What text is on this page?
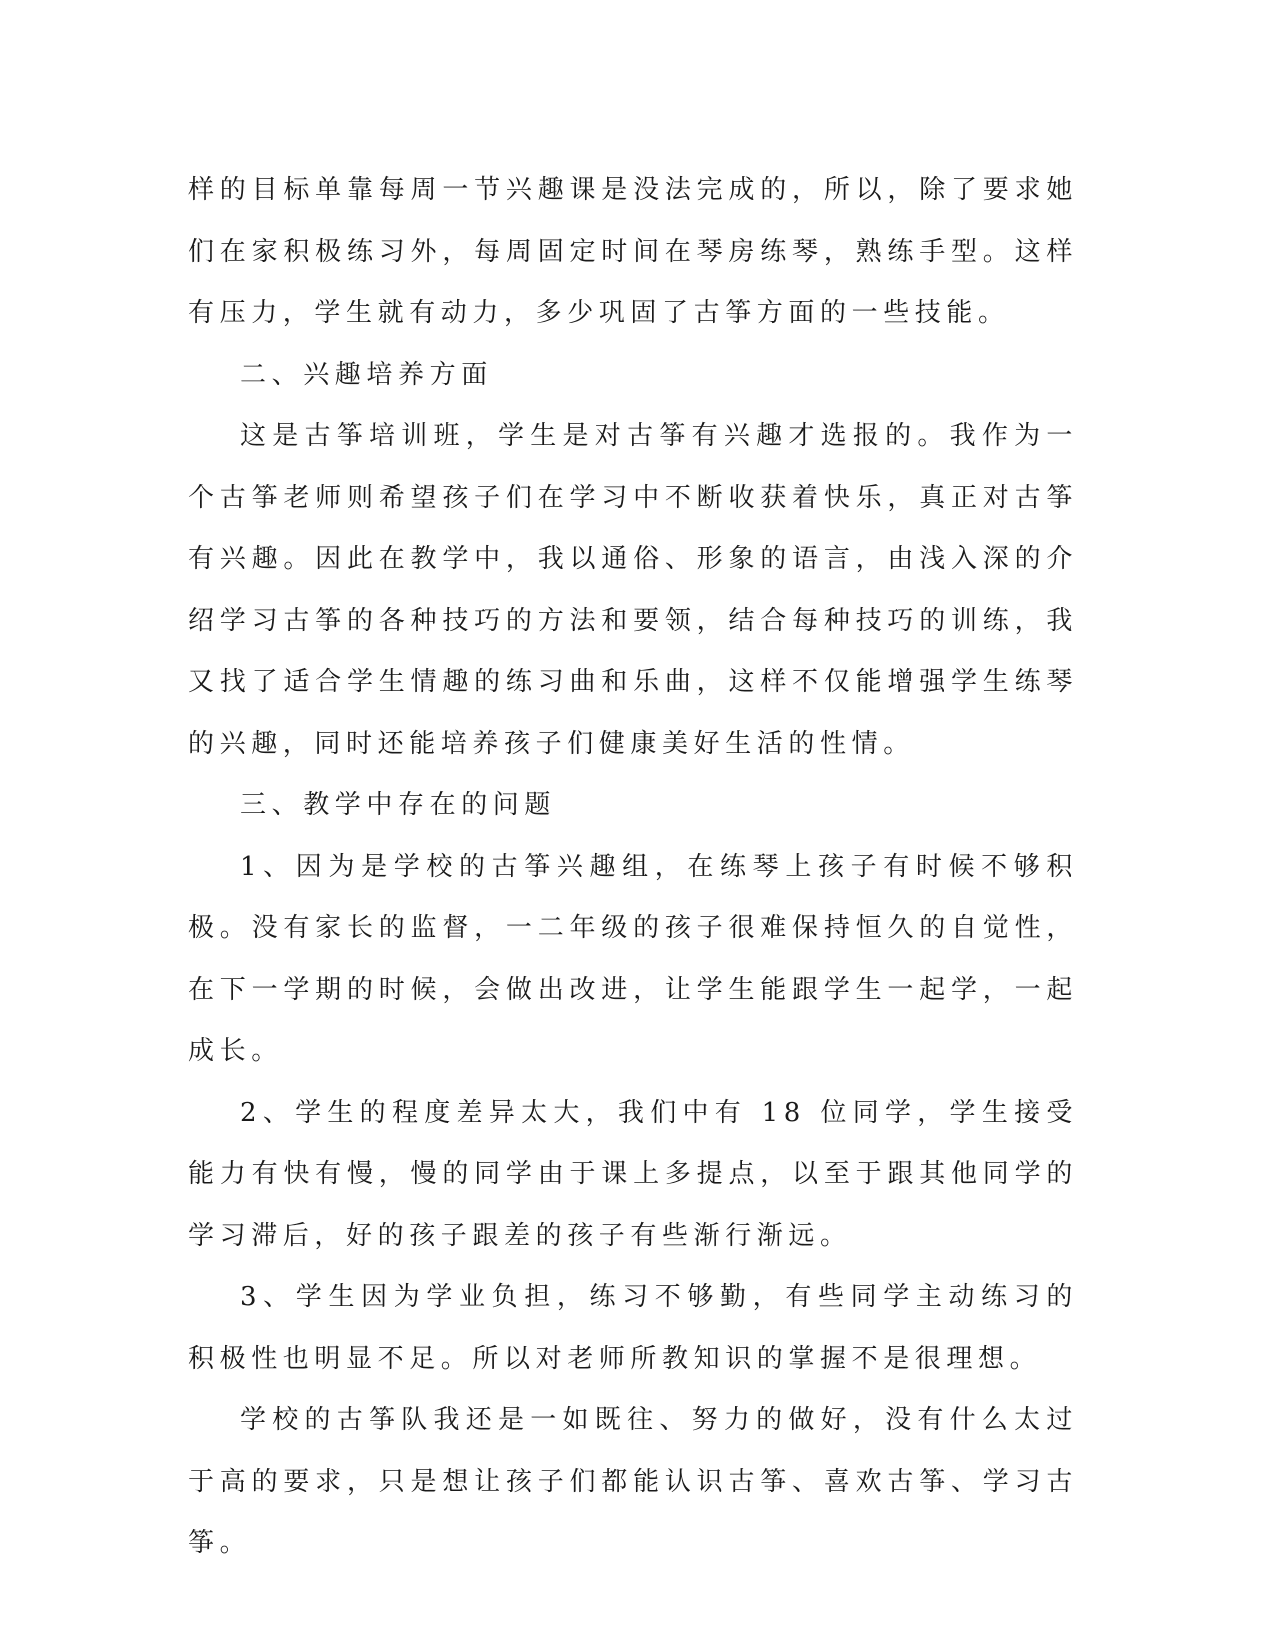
样的目标单靠每周一节兴趣课是没法完成的，所以，除了要求她们在家积极练习外，每周固定时间在琴房练琴，熟练手型。这样有压力，学生就有动力，多少巩固了古筝方面的一些技能。

二、兴趣培养方面

这是古筝培训班，学生是对古筝有兴趣才选报的。我作为一个古筝老师则希望孩子们在学习中不断收获着快乐，真正对古筝有兴趣。因此在教学中，我以通俗、形象的语言，由浅入深的介绍学习古筝的各种技巧的方法和要领，结合每种技巧的训练，我又找了适合学生情趣的练习曲和乐曲，这样不仅能增强学生练琴的兴趣，同时还能培养孩子们健康美好生活的性情。

三、教学中存在的问题

1、因为是学校的古筝兴趣组，在练琴上孩子有时候不够积极。没有家长的监督，一二年级的孩子很难保持恒久的自觉性，在下一学期的时候，会做出改进，让学生能跟学生一起学，一起成长。

2、学生的程度差异太大，我们中有 18 位同学，学生接受能力有快有慢，慢的同学由于课上多提点，以至于跟其他同学的学习滞后，好的孩子跟差的孩子有些渐行渐远。

3、学生因为学业负担，练习不够勤，有些同学主动练习的积极性也明显不足。所以对老师所教知识的掌握不是很理想。

学校的古筝队我还是一如既往、努力的做好，没有什么太过于高的要求，只是想让孩子们都能认识古筝、喜欢古筝、学习古筝。
